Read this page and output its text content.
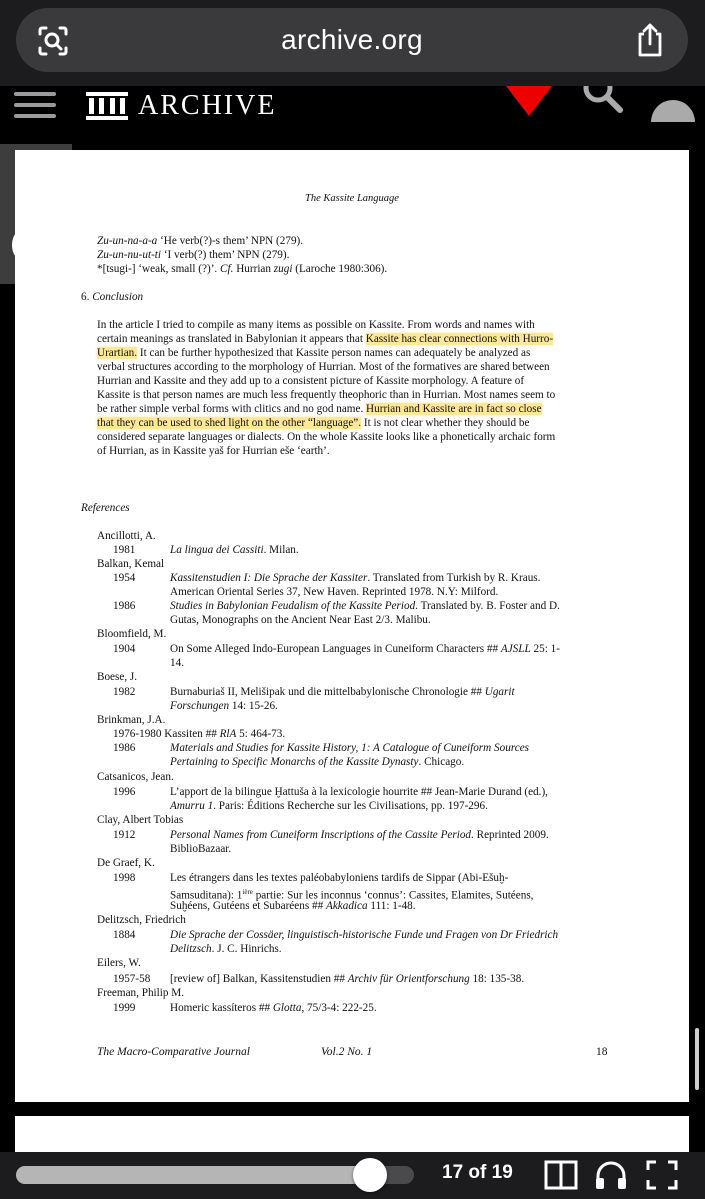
archive.org
ARCHIVE
The Kassite Language
Zu-un-na-a-a ‘He verb(?)-s them’ NPN (279).
Zu-un-nu-ut-ti ‘I verb(?) them’ NPN (279).
*[tsugi-] ‘weak, small (?)’. Cf. Hurrian zugi (Laroche 1980:306).
6. Conclusion
In the article I tried to compile as many items as possible on Kassite. From words and names with
certain meanings as translated in Babylonian it appears that Kassite has clear connections with Hurro-
Urartian. It can be further hypothesized that Kassite person names can adequately be analyzed as
verbal structures according to the morphology of Hurrian. Most of the formatives are shared between
Hurrian and Kassite and they add up to a consistent picture of Kassite morphology. A feature of
Kassite is that person names are much less frequently theophoric than in Hurrian. Most names seem to
be rather simple verbal forms with clitics and no god name. Hurrian and Kassite are in fact so close
that they can be used to shed light on the other “language”. It is not clear whether they should be
considered separate languages or dialects. On the whole Kassite looks like a phonetically archaic form
of Hurrian, as in Kassite yaš for Hurrian eše ‘earth’.
References
Ancillotti, A.
1981	La lingua dei Cassiti. Milan.
Balkan, Kemal
1954	Kassitenstudien I: Die Sprache der Kassiter. Translated from Turkish by R. Kraus.
American Oriental Series 37, New Haven. Reprinted 1978. N.Y: Milford.
1986	Studies in Babylonian Feudalism of the Kassite Period. Translated by. B. Foster and D.
Gutas, Monographs on the Ancient Near East 2/3. Malibu.
Bloomfield, M.
1904	On Some Alleged Indo-European Languages in Cuneiform Characters ## AJSLL 25: 1-
14.
Boese, J.
1982	Burnaburiaš II, Melišipak und die mittelbabylonische Chronologie ## Ugarit
Forschungen 14: 15-26.
Brinkman, J.A.
1976-1980 Kassiten ## RlA 5: 464-73.
1986	Materials and Studies for Kassite History, 1: A Catalogue of Cuneiform Sources
Pertaining to Specific Monarchs of the Kassite Dynasty. Chicago.
Catsanicos, Jean.
1996	L’apport de la bilingue Ḫattuša à la lexicologie hourrite ## Jean-Marie Durand (ed.),
Amurru 1. Paris: Éditions Recherche sur les Civilisations, pp. 197-296.
Clay, Albert Tobias
1912	Personal Names from Cuneiform Inscriptions of the Cassite Period. Reprinted 2009.
BiblioBazaar.
De Graef, K.
1998	Les étrangers dans les textes paléobabyloniens tardifs de Sippar (Abi-Ešuḫ-
Samsuditana): $1^{ière}$ partie: Sur les inconnus ‘connus’: Cassites, Elamites, Sutéens,
Suḫéens, Gutéens et Subaréens ## Akkadica 111: 1-48.
Delitzsch, Friedrich
1884	Die Sprache der Cossäer, linguistisch-historische Funde und Fragen von Dr Friedrich
Delitzsch. J. C. Hinrichs.
Eilers, W.
1957-58 [review of] Balkan, Kassitenstudien ## Archiv für Orientforschung 18: 135-38.
Freeman, Philip M.
1999	Homeric kassíteros ## Glotta, 75/3-4: 222-25.
The Macro-Comparative Journal	Vol.2 No. 1	18
17 of 19
